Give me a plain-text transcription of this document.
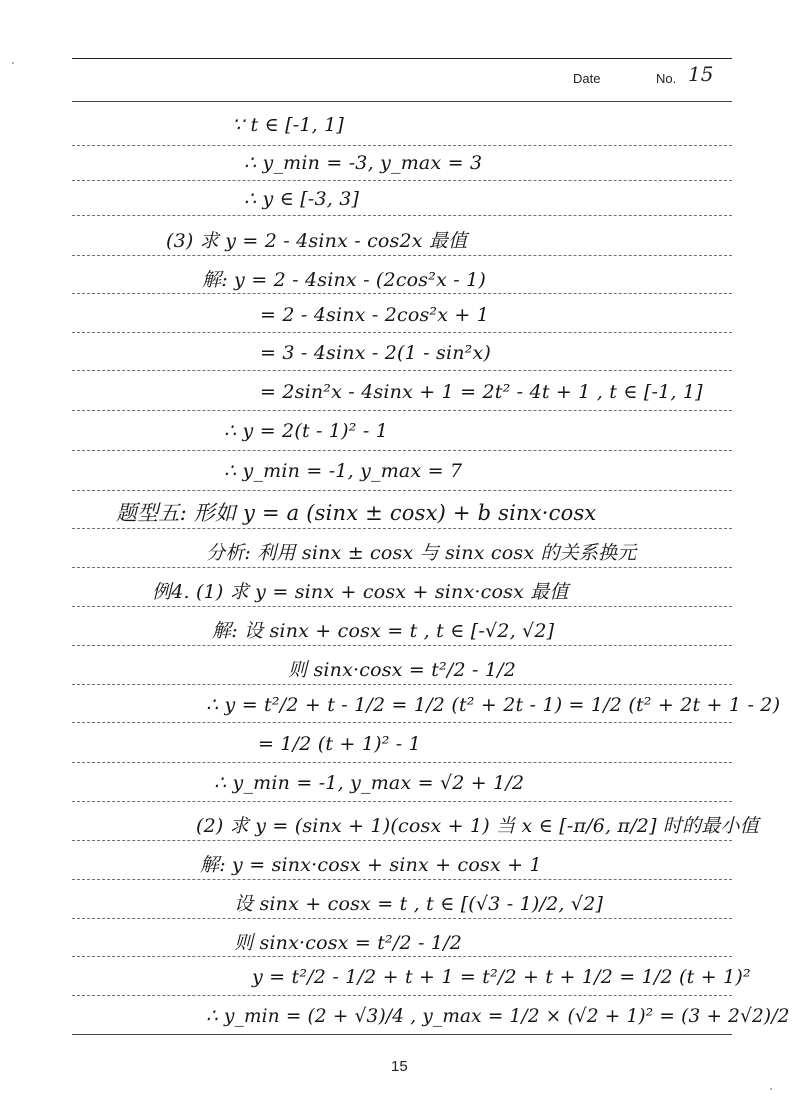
Date	No. 15
∵ t ∈ [-1, 1]
∴ y_min = -3, y_max = 3
∴ y ∈ [-3, 3]
(3) 求 y = 2 - 4sinx - cos2x 最值
解: y = 2 - 4sinx - (2cos²x - 1)
= 2 - 4sinx - 2cos²x + 1
= 3 - 4sinx - 2(1 - sin²x)
= 2sin²x - 4sinx + 1 = 2t² - 4t + 1 , t ∈ [-1, 1]
∴ y = 2(t - 1)² - 1
∴ y_min = -1, y_max = 7
题型五: 形如 y = a (sinx ± cosx) + b sinx·cosx
分析: 利用 sinx ± cosx 与 sinx cosx 的关系换元
例4. (1) 求 y = sinx + cosx + sinx·cosx 最值
解: 设 sinx + cosx = t , t ∈ [-√2, √2]
则 sinx·cosx = t²/2 - 1/2
∴ y = t²/2 + t - 1/2 = 1/2 (t² + 2t - 1) = 1/2 (t² + 2t + 1 - 2)
= 1/2 (t + 1)² - 1
∴ y_min = -1, y_max = √2 + 1/2
(2) 求 y = (sinx + 1)(cosx + 1) 当 x ∈ [-π/6, π/2] 时的最小值
解: y = sinx·cosx + sinx + cosx + 1
设 sinx + cosx = t , t ∈ [(√3 - 1)/2, √2]
则 sinx·cosx = t²/2 - 1/2
y = t²/2 - 1/2 + t + 1 = t²/2 + t + 1/2 = 1/2 (t + 1)²
∴ y_min = (2 + √3)/4 , y_max = 1/2 × (√2 + 1)² = (3 + 2√2)/2
15
